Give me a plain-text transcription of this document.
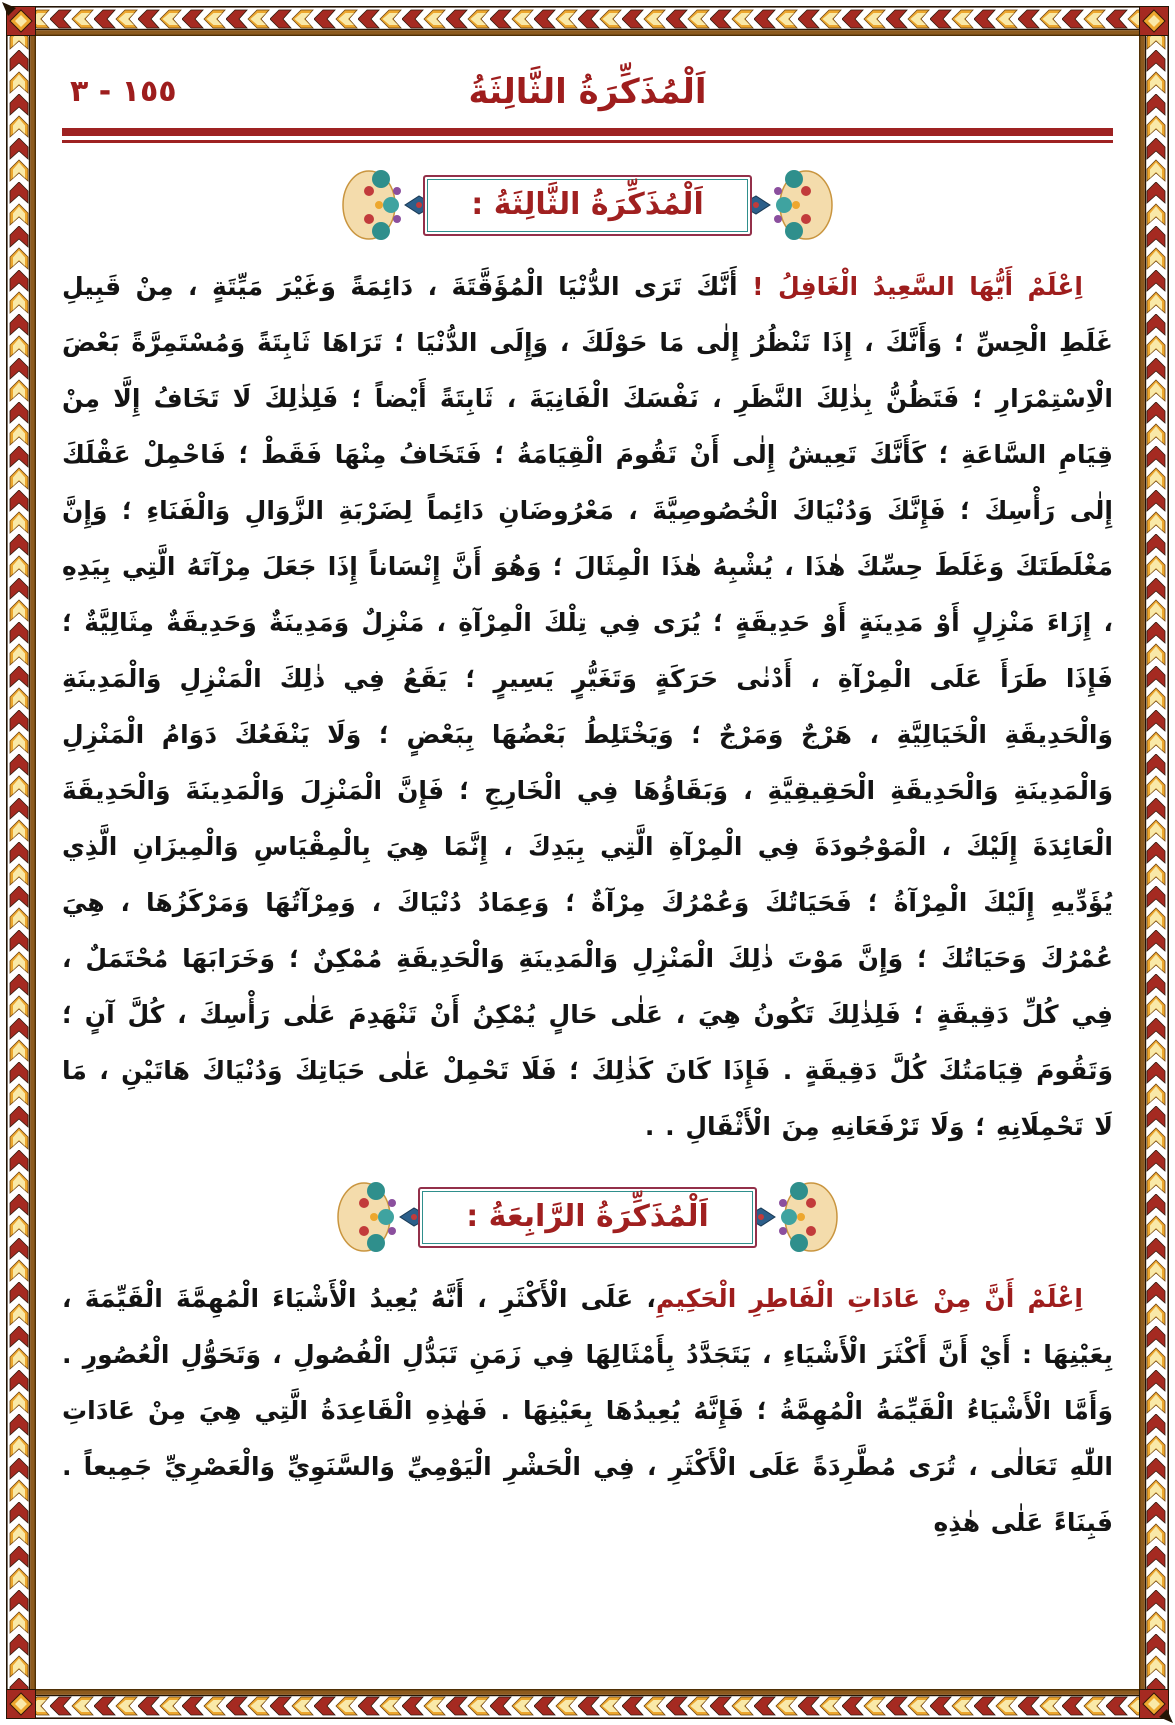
١٥٥ - ٣	اَلْمُذَكِّرَةُ الثَّالِثَةُ
اَلْمُذَكِّرَةُ الثَّالِثَةُ :

اِعْلَمْ أَيُّهَا السَّعِيدُ الْغَافِلُ ! أَنَّكَ تَرَى الدُّنْيَا الْمُؤَقَّتَةَ ، دَائِمَةً وَغَيْرَ مَيِّتَةٍ ، مِنْ قَبِيلِ غَلَطِ الْحِسِّ ؛ وَأَنَّكَ ، إِذَا تَنْظُرُ إِلٰى مَا حَوْلَكَ ، وَإِلَى الدُّنْيَا ؛ تَرَاهَا ثَابِتَةً وَمُسْتَمِرَّةً بَعْضَ الْاِسْتِمْرَارِ ؛ فَتَظُنُّ بِذٰلِكَ النَّظَرِ ، نَفْسَكَ الْفَانِيَةَ ، ثَابِتَةً أَيْضاً ؛ فَلِذٰلِكَ لَا تَخَافُ إِلَّا مِنْ قِيَامِ السَّاعَةِ ؛ كَأَنَّكَ تَعِيشُ إِلٰى أَنْ تَقُومَ الْقِيَامَةُ ؛ فَتَخَافُ مِنْهَا فَقَطْ ؛ فَاحْمِلْ عَقْلَكَ إِلٰى رَأْسِكَ ؛ فَإِنَّكَ وَدُنْيَاكَ الْخُصُوصِيَّةَ ، مَعْرُوضَانِ دَائِماً لِضَرْبَةِ الزَّوَالِ وَالْفَنَاءِ ؛ وَإِنَّ مَغْلَطَتَكَ وَغَلَطَ حِسِّكَ هٰذَا ، يُشْبِهُ هٰذَا الْمِثَالَ ؛ وَهُوَ أَنَّ إِنْسَاناً إِذَا جَعَلَ مِرْآتَهُ الَّتِي بِيَدِهِ ، إِزَاءَ مَنْزِلٍ أَوْ مَدِينَةٍ أَوْ حَدِيقَةٍ ؛ يُرَى فِي تِلْكَ الْمِرْآةِ ، مَنْزِلٌ وَمَدِينَةٌ وَحَدِيقَةٌ مِثَالِيَّةٌ ؛ فَإِذَا طَرَأَ عَلَى الْمِرْآةِ ، أَدْنٰى حَرَكَةٍ وَتَغَيُّرٍ يَسِيرٍ ؛ يَقَعُ فِي ذٰلِكَ الْمَنْزِلِ وَالْمَدِينَةِ وَالْحَدِيقَةِ الْخَيَالِيَّةِ ، هَرْجٌ وَمَرْجٌ ؛ وَيَخْتَلِطُ بَعْضُهَا بِبَعْضٍ ؛ وَلَا يَنْفَعُكَ دَوَامُ الْمَنْزِلِ وَالْمَدِينَةِ وَالْحَدِيقَةِ الْحَقِيقِيَّةِ ، وَبَقَاؤُهَا فِي الْخَارِجِ ؛ فَإِنَّ الْمَنْزِلَ وَالْمَدِينَةَ وَالْحَدِيقَةَ الْعَائِدَةَ إِلَيْكَ ، الْمَوْجُودَةَ فِي الْمِرْآةِ الَّتِي بِيَدِكَ ، إِنَّمَا هِيَ بِالْمِقْيَاسِ وَالْمِيزَانِ الَّذِي يُؤَدِّيهِ إِلَيْكَ الْمِرْآةُ ؛ فَحَيَاتُكَ وَعُمْرُكَ مِرْآةٌ ؛ وَعِمَادُ دُنْيَاكَ ، وَمِرْآتُهَا وَمَرْكَزُهَا ، هِيَ عُمْرُكَ وَحَيَاتُكَ ؛ وَإِنَّ مَوْتَ ذٰلِكَ الْمَنْزِلِ وَالْمَدِينَةِ وَالْحَدِيقَةِ مُمْكِنٌ ؛ وَخَرَابَهَا مُحْتَمَلٌ ، فِي كُلِّ دَقِيقَةٍ ؛ فَلِذٰلِكَ تَكُونُ هِيَ ، عَلٰى حَالٍ يُمْكِنُ أَنْ تَنْهَدِمَ عَلٰى رَأْسِكَ ، كُلَّ آنٍ ؛ وَتَقُومَ قِيَامَتُكَ كُلَّ دَقِيقَةٍ . فَإِذَا كَانَ كَذٰلِكَ ؛ فَلَا تَحْمِلْ عَلٰى حَيَاتِكَ وَدُنْيَاكَ هَاتَيْنِ ، مَا لَا تَحْمِلَانِهِ ؛ وَلَا تَرْفَعَانِهِ مِنَ الْأَثْقَالِ . .

اَلْمُذَكِّرَةُ الرَّابِعَةُ :

اِعْلَمْ أَنَّ مِنْ عَادَاتِ الْفَاطِرِ الْحَكِيمِ، عَلَى الْأَكْثَرِ ، أَنَّهُ يُعِيدُ الْأَشْيَاءَ الْمُهِمَّةَ الْقَيِّمَةَ ، بِعَيْنِهَا : أَيْ أَنَّ أَكْثَرَ الْأَشْيَاءِ ، يَتَجَدَّدُ بِأَمْثَالِهَا فِي زَمَنِ تَبَدُّلِ الْفُصُولِ ، وَتَحَوُّلِ الْعُصُورِ . وَأَمَّا الْأَشْيَاءُ الْقَيِّمَةُ الْمُهِمَّةُ ؛ فَإِنَّهُ يُعِيدُهَا بِعَيْنِهَا . فَهٰذِهِ الْقَاعِدَةُ الَّتِي هِيَ مِنْ عَادَاتِ اللّٰهِ تَعَالٰى ، تُرَى مُطَّرِدَةً عَلَى الْأَكْثَرِ ، فِي الْحَشْرِ الْيَوْمِيِّ وَالسَّنَوِيِّ وَالْعَصْرِيِّ جَمِيعاً . فَبِنَاءً عَلٰى هٰذِهِ
